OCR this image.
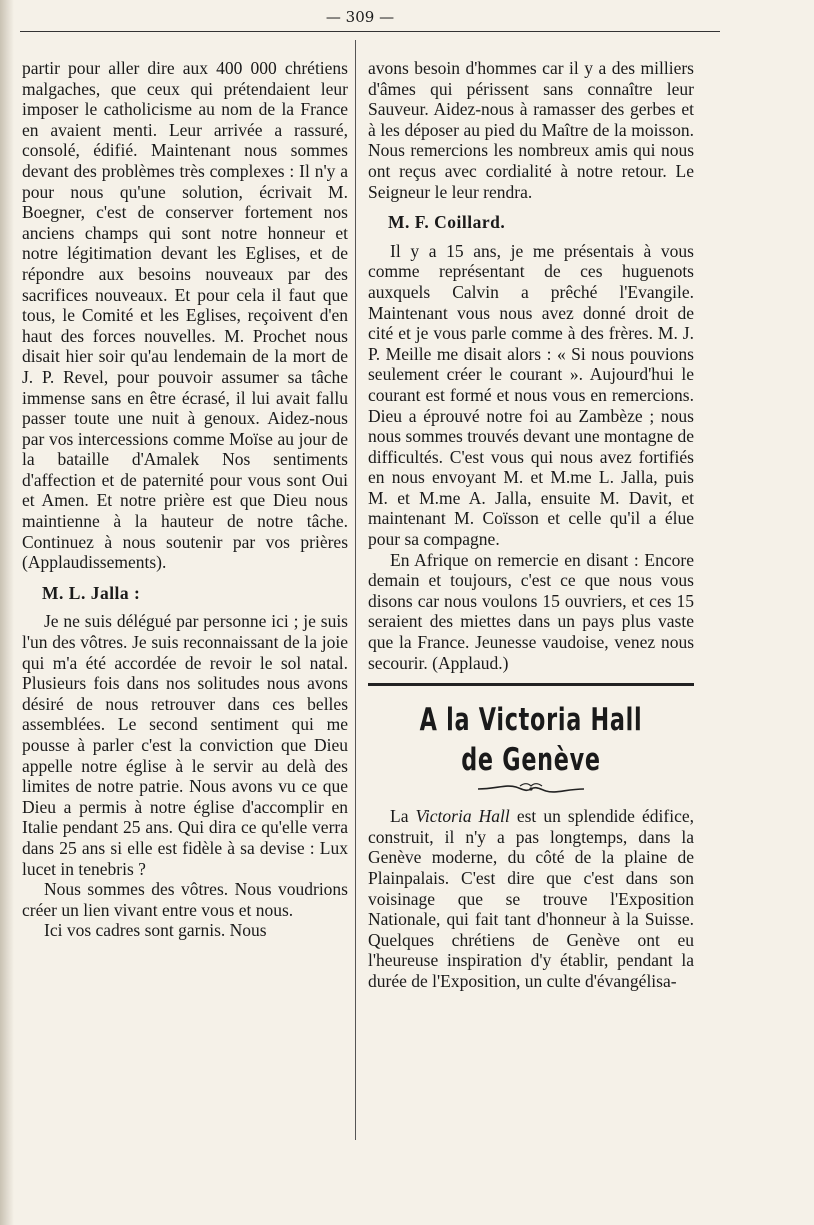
— 309 —

partir pour aller dire aux 400 000 chrétiens malgaches, que ceux qui prétendaient leur imposer le catholicisme au nom de la France en avaient menti. Leur arrivée a rassuré, consolé, édifié. Maintenant nous sommes devant des problèmes très complexes : Il n'y a pour nous qu'une solution, écrivait M. Boegner, c'est de conserver fortement nos anciens champs qui sont notre honneur et notre légitimation devant les Eglises, et de répondre aux besoins nouveaux par des sacrifices nouveaux. Et pour cela il faut que tous, le Comité et les Eglises, reçoivent d'en haut des forces nouvelles. M. Prochet nous disait hier soir qu'au lendemain de la mort de J. P. Revel, pour pouvoir assumer sa tâche immense sans en être écrasé, il lui avait fallu passer toute une nuit à genoux. Aidez-nous par vos intercessions comme Moïse au jour de la bataille d'Amalek Nos sentiments d'affection et de paternité pour vous sont Oui et Amen. Et notre prière est que Dieu nous maintienne à la hauteur de notre tâche. Continuez à nous soutenir par vos prières (Applaudissements).

M. L. Jalla :

Je ne suis délégué par personne ici ; je suis l'un des vôtres. Je suis reconnaissant de la joie qui m'a été accordée de revoir le sol natal. Plusieurs fois dans nos solitudes nous avons désiré de nous retrouver dans ces belles assemblées. Le second sentiment qui me pousse à parler c'est la conviction que Dieu appelle notre église à le servir au delà des limites de notre patrie. Nous avons vu ce que Dieu a permis à notre église d'accomplir en Italie pendant 25 ans. Qui dira ce qu'elle verra dans 25 ans si elle est fidèle à sa devise : Lux lucet in tenebris ?

Nous sommes des vôtres. Nous voudrions créer un lien vivant entre vous et nous.

Ici vos cadres sont garnis. Nous

avons besoin d'hommes car il y a des milliers d'âmes qui périssent sans connaître leur Sauveur. Aidez-nous à ramasser des gerbes et à les déposer au pied du Maître de la moisson. Nous remercions les nombreux amis qui nous ont reçus avec cordialité à notre retour. Le Seigneur le leur rendra.

M. F. Coillard.

Il y a 15 ans, je me présentais à vous comme représentant de ces huguenots auxquels Calvin a prêché l'Evangile. Maintenant vous nous avez donné droit de cité et je vous parle comme à des frères. M. J. P. Meille me disait alors : « Si nous pouvions seulement créer le courant ». Aujourd'hui le courant est formé et nous vous en remercions. Dieu a éprouvé notre foi au Zambèze ; nous nous sommes trouvés devant une montagne de difficultés. C'est vous qui nous avez fortifiés en nous envoyant M. et M.me L. Jalla, puis M. et M.me A. Jalla, ensuite M. Davit, et maintenant M. Coïsson et celle qu'il a élue pour sa compagne.

En Afrique on remercie en disant : Encore demain et toujours, c'est ce que nous vous disons car nous voulons 15 ouvriers, et ces 15 seraient des miettes dans un pays plus vaste que la France. Jeunesse vaudoise, venez nous secourir. (Applaud.)

A la Victoria Hall de Genève

La Victoria Hall est un splendide édifice, construit, il n'y a pas longtemps, dans la Genève moderne, du côté de la plaine de Plainpalais. C'est dire que c'est dans son voisinage que se trouve l'Exposition Nationale, qui fait tant d'honneur à la Suisse. Quelques chrétiens de Genève ont eu l'heureuse inspiration d'y établir, pendant la durée de l'Exposition, un culte d'évangélisa-
